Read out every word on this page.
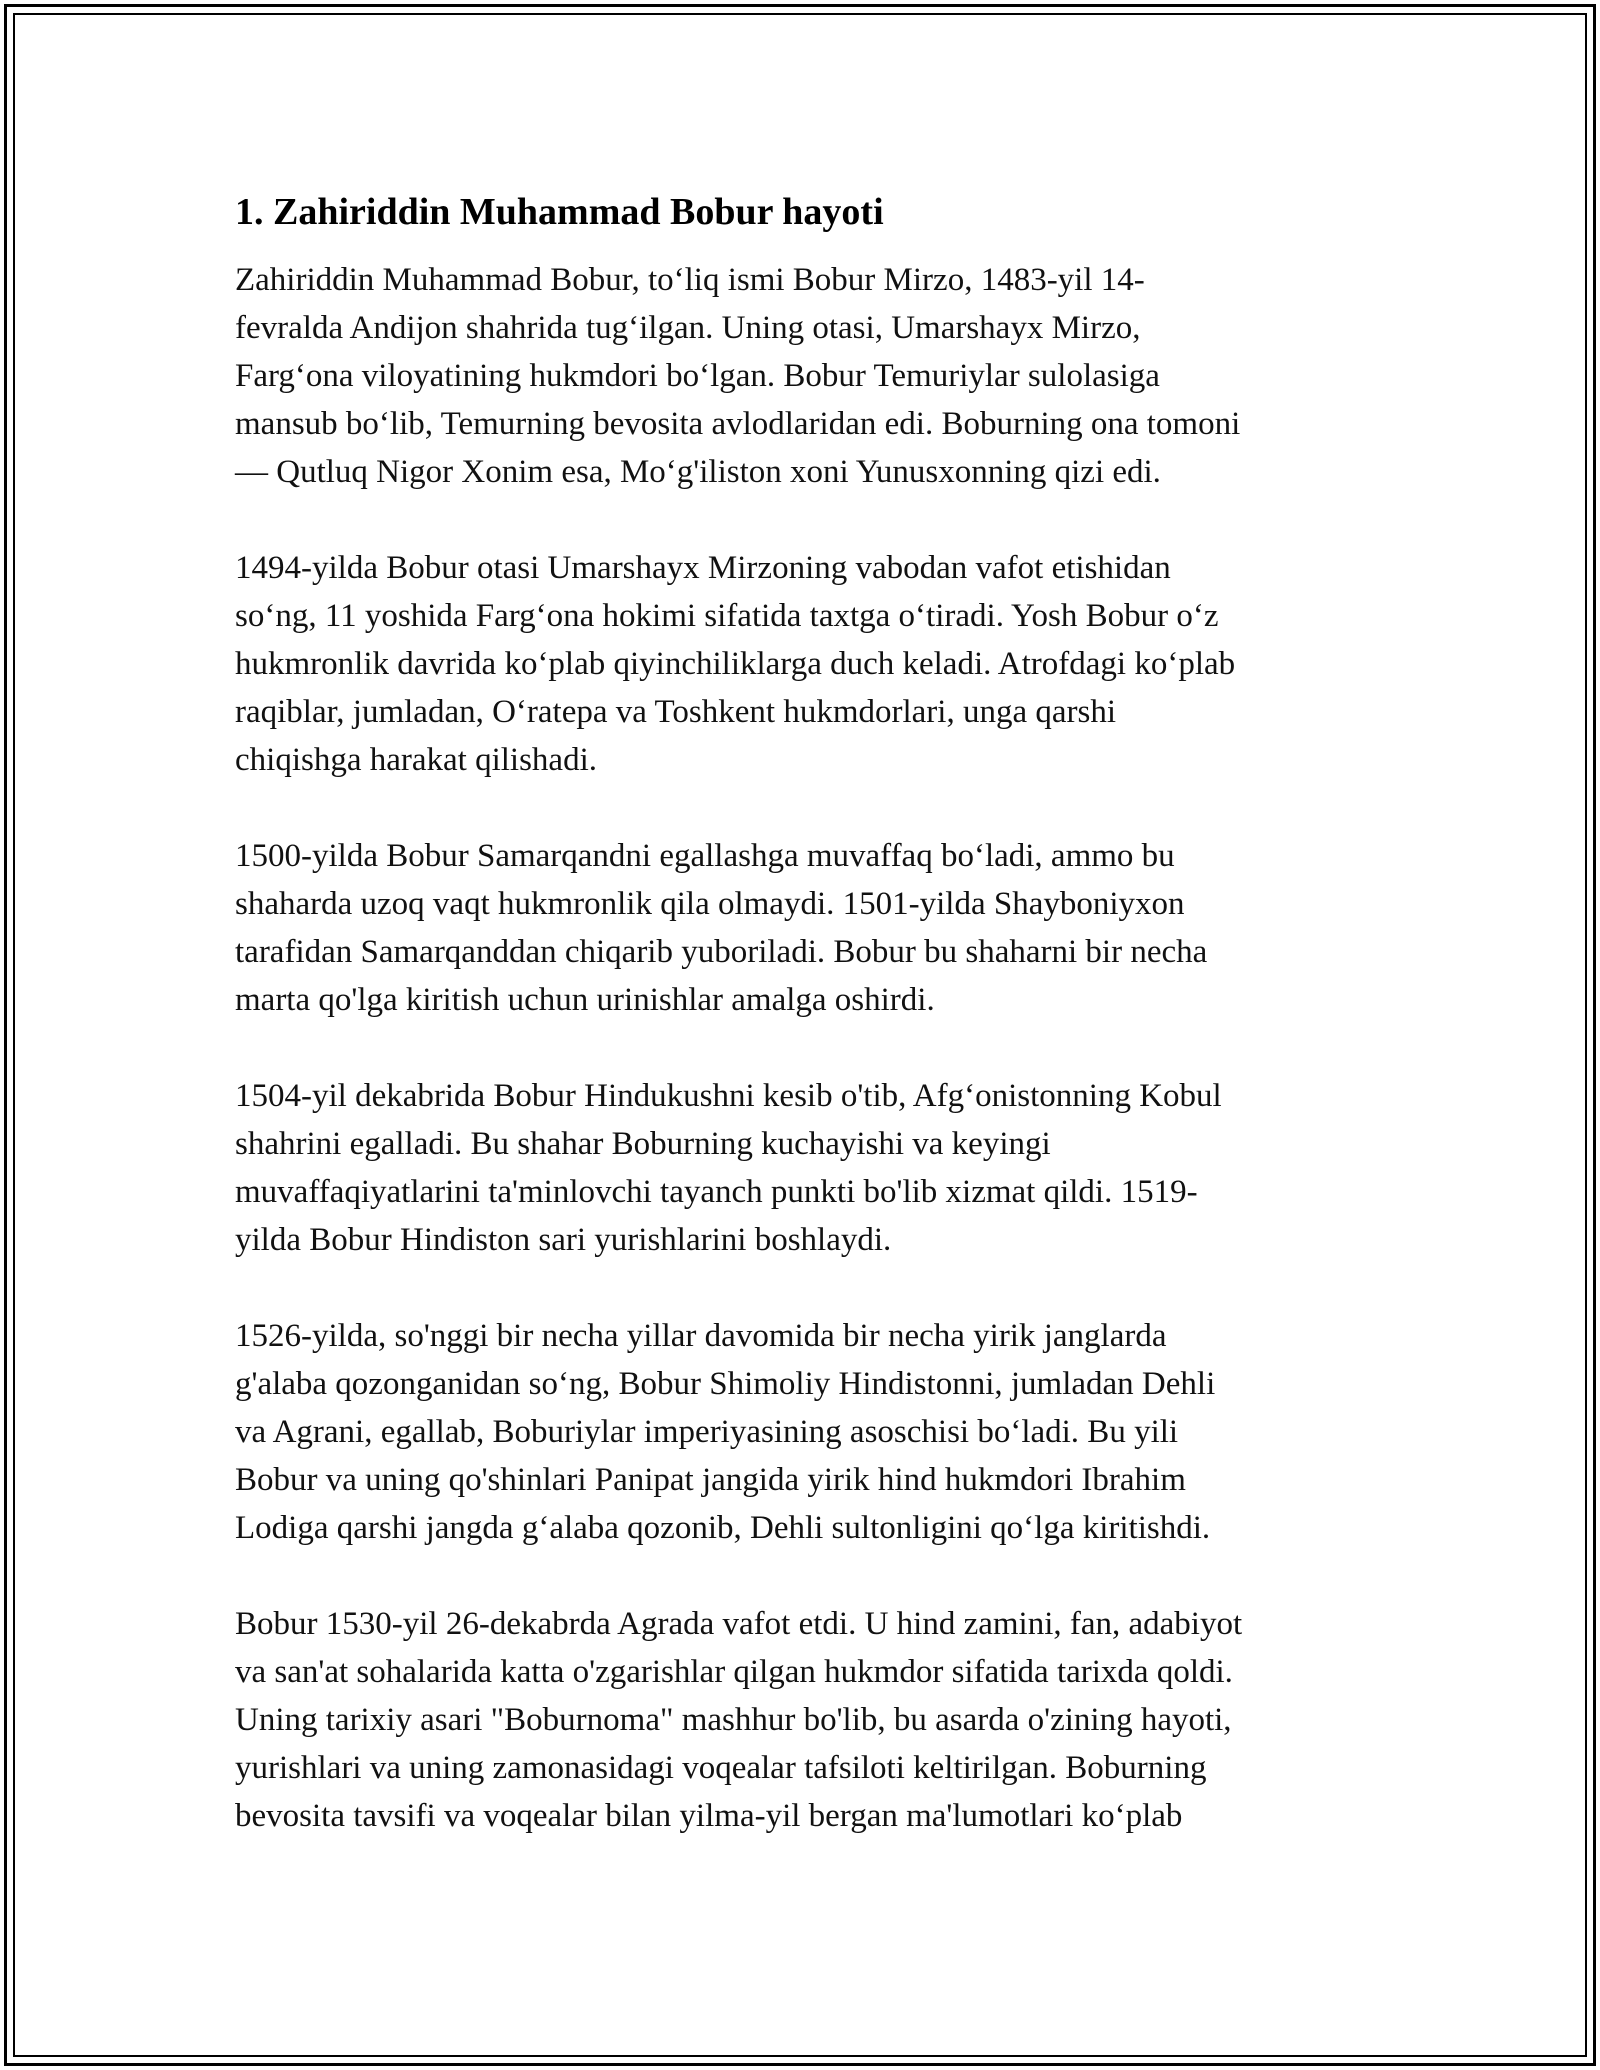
1. Zahiriddin Muhammad Bobur hayoti

Zahiriddin Muhammad Bobur, to‘liq ismi Bobur Mirzo, 1483-yil 14-
fevralda Andijon shahrida tug‘ilgan. Uning otasi, Umarshayx Mirzo,
Farg‘ona viloyatining hukmdori bo‘lgan. Bobur Temuriylar sulolasiga
mansub bo‘lib, Temurning bevosita avlodlaridan edi. Boburning ona tomoni
— Qutluq Nigor Xonim esa, Mo‘g'iliston xoni Yunusxonning qizi edi.

1494-yilda Bobur otasi Umarshayx Mirzoning vabodan vafot etishidan
so‘ng, 11 yoshida Farg‘ona hokimi sifatida taxtga o‘tiradi. Yosh Bobur o‘z
hukmronlik davrida ko‘plab qiyinchiliklarga duch keladi. Atrofdagi ko‘plab
raqiblar, jumladan, O‘ratepa va Toshkent hukmdorlari, unga qarshi
chiqishga harakat qilishadi.

1500-yilda Bobur Samarqandni egallashga muvaffaq bo‘ladi, ammo bu
shaharda uzoq vaqt hukmronlik qila olmaydi. 1501-yilda Shayboniyxon
tarafidan Samarqanddan chiqarib yuboriladi. Bobur bu shaharni bir necha
marta qo'lga kiritish uchun urinishlar amalga oshirdi.

1504-yil dekabrida Bobur Hindukushni kesib o'tib, Afg‘onistonning Kobul
shahrini egalladi. Bu shahar Boburning kuchayishi va keyingi
muvaffaqiyatlarini ta'minlovchi tayanch punkti bo'lib xizmat qildi. 1519-
yilda Bobur Hindiston sari yurishlarini boshlaydi.

1526-yilda, so'nggi bir necha yillar davomida bir necha yirik janglarda
g'alaba qozonganidan so‘ng, Bobur Shimoliy Hindistonni, jumladan Dehli
va Agrani, egallab, Boburiylar imperiyasining asoschisi bo‘ladi. Bu yili
Bobur va uning qo'shinlari Panipat jangida yirik hind hukmdori Ibrahim
Lodiga qarshi jangda g‘alaba qozonib, Dehli sultonligini qo‘lga kiritishdi.

Bobur 1530-yil 26-dekabrda Agrada vafot etdi. U hind zamini, fan, adabiyot
va san'at sohalarida katta o'zgarishlar qilgan hukmdor sifatida tarixda qoldi.
Uning tarixiy asari "Boburnoma" mashhur bo'lib, bu asarda o'zining hayoti,
yurishlari va uning zamonasidagi voqealar tafsiloti keltirilgan. Boburning
bevosita tavsifi va voqealar bilan yilma-yil bergan ma'lumotlari ko‘plab
